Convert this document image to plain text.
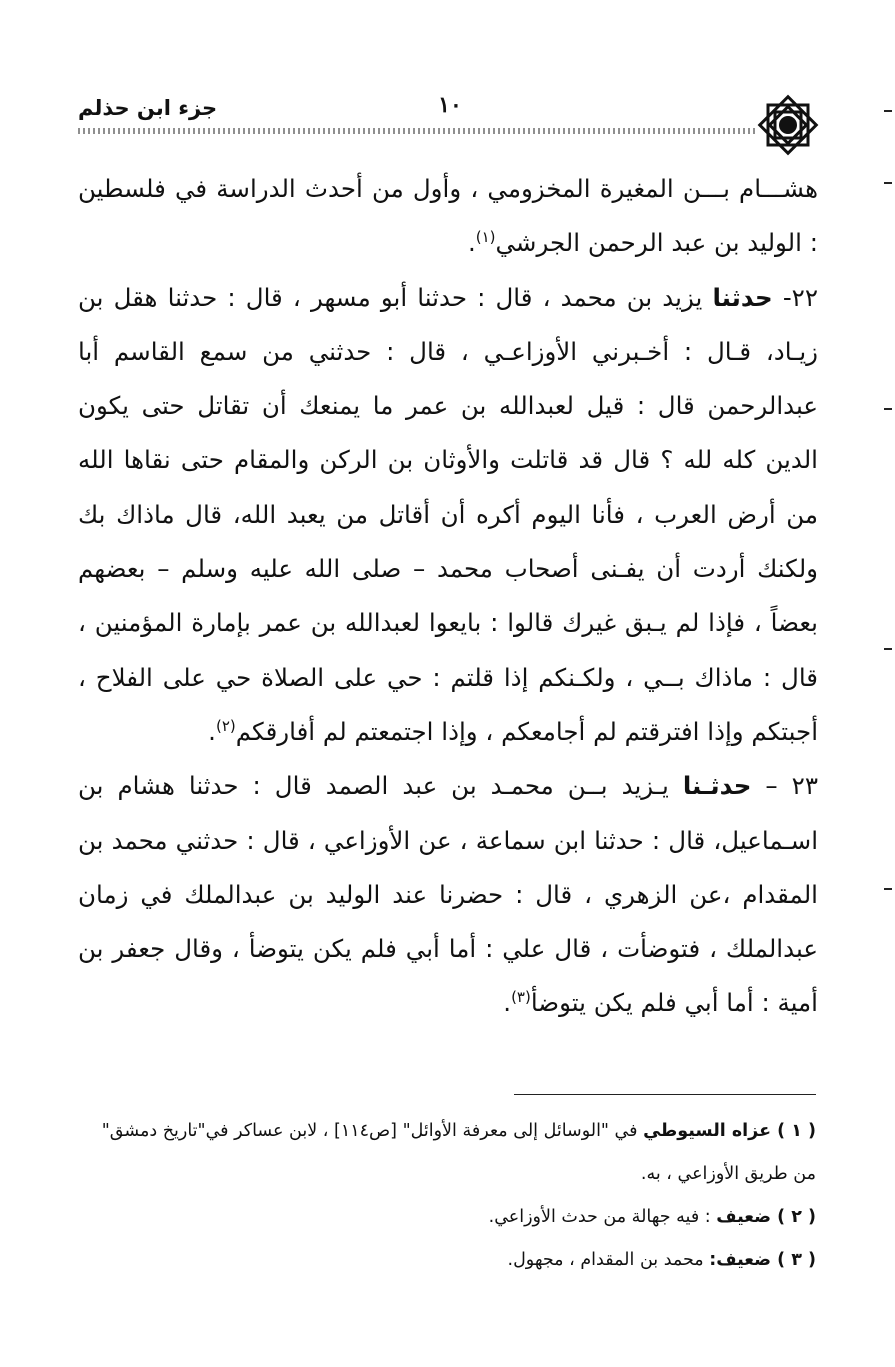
١٠
جزء ابن حذلم

هشـــام بـــن المغيرة المخزومي ، وأول من أحدث الدراسة في فلسطين : الوليد بن عبد الرحمن الجرشي$^{(١)}$.

٢٢- حدثنا يزيد بن محمد ، قال : حدثنا أبو مسهر ، قال : حدثنا هقل بن زيـاد، قـال : أخـبرني الأوزاعـي ، قال : حدثني من سمع القاسم أبا عبدالرحمن قال : قيل لعبدالله بن عمر ما يمنعك أن تقاتل حتى يكون الدين كله لله ؟ قال قد قاتلت والأوثان بن الركن والمقام حتى نقاها الله من أرض العرب ، فأنا اليوم أكره أن أقاتل من يعبد الله، قال ماذاك بك ولكنك أردت أن يفـنى أصحاب محمد – صلى الله عليه وسلم – بعضهم بعضاً ، فإذا لم يـبق غيرك قالوا : بايعوا لعبدالله بن عمر بإمارة المؤمنين ، قال : ماذاك بــي ، ولكـنكم إذا قلتم : حي على الصلاة حي على الفلاح ، أجبتكم وإذا افترقتم لم أجامعكم ، وإذا اجتمعتم لم أفارقكم$^{(٢)}$.

٢٣ – حدثـنا يـزيد بــن محمـد بن عبد الصمد قال : حدثنا هشام بن اسـماعيل، قال : حدثنا ابن سماعة ، عن الأوزاعي ، قال : حدثني محمد بن المقدام ،عن الزهري ، قال : حضرنا عند الوليد بن عبدالملك في زمان عبدالملك ، فتوضأت ، قال علي : أما أبي فلم يكن يتوضأ ، وقال جعفر بن أمية : أما أبي فلم يكن يتوضأ$^{(٣)}$.

( ١ ) عزاه السيوطي في "الوسائل إلى معرفة الأوائل" [ص١١٤] ، لابن عساكر في"تاريخ دمشق" من طريق الأوزاعي ، به.

( ٢ ) ضعيف : فيه جهالة من حدث الأوزاعي.

( ٣ ) ضعيف: محمد بن المقدام ، مجهول.
